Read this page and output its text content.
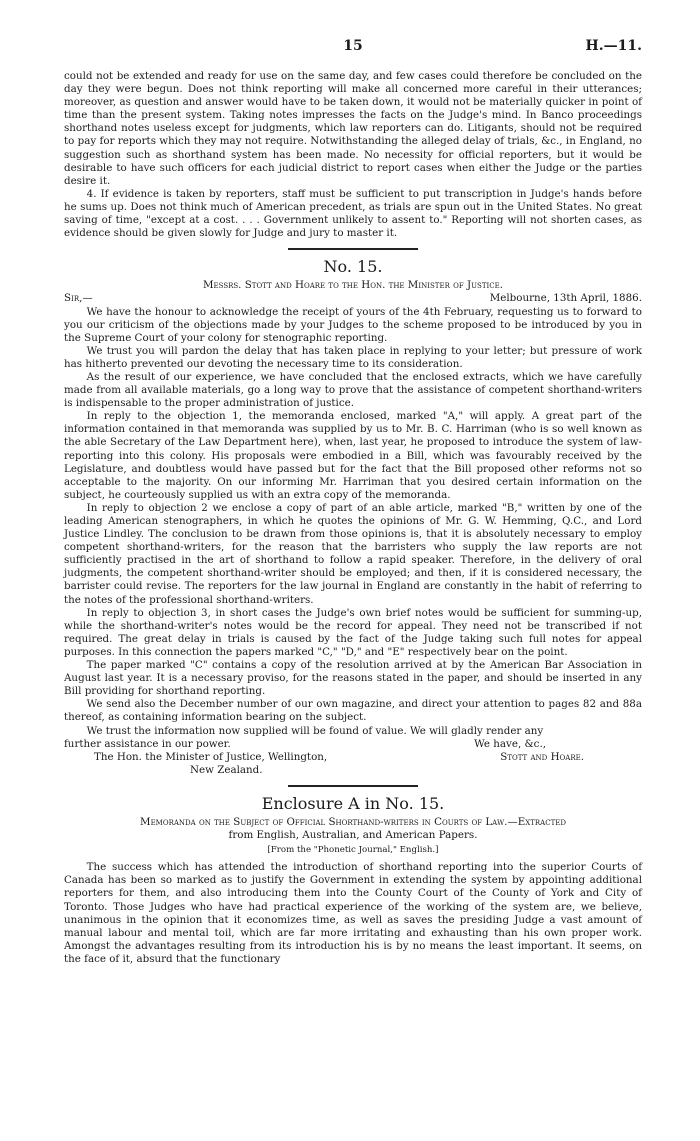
15	H.—11.

could not be extended and ready for use on the same day, and few cases could therefore be concluded on the day they were begun. Does not think reporting will make all concerned more careful in their utterances; moreover, as question and answer would have to be taken down, it would not be materially quicker in point of time than the present system. Taking notes impresses the facts on the Judge's mind. In Banco proceedings shorthand notes useless except for judgments, which law reporters can do. Litigants, should not be required to pay for reports which they may not require. Notwithstanding the alleged delay of trials, &c., in England, no suggestion such as shorthand system has been made. No necessity for official reporters, but it would be desirable to have such officers for each judicial district to report cases when either the Judge or the parties desire it.

4. If evidence is taken by reporters, staff must be sufficient to put transcription in Judge's hands before he sums up. Does not think much of American precedent, as trials are spun out in the United States. No great saving of time, "except at a cost. . . . Government unlikely to assent to." Reporting will not shorten cases, as evidence should be given slowly for Judge and jury to master it.

No. 15.

Messrs. Stott and Hoare to the Hon. the Minister of Justice.

Sir,—	Melbourne, 13th April, 1886.

We have the honour to acknowledge the receipt of yours of the 4th February, requesting us to forward to you our criticism of the objections made by your Judges to the scheme proposed to be introduced by you in the Supreme Court of your colony for stenographic reporting.

We trust you will pardon the delay that has taken place in replying to your letter; but pressure of work has hitherto prevented our devoting the necessary time to its consideration.

As the result of our experience, we have concluded that the enclosed extracts, which we have carefully made from all available materials, go a long way to prove that the assistance of competent shorthand-writers is indispensable to the proper administration of justice.

In reply to the objection 1, the memoranda enclosed, marked "A," will apply. A great part of the information contained in that memoranda was supplied by us to Mr. B. C. Harriman (who is so well known as the able Secretary of the Law Department here), when, last year, he proposed to introduce the system of law-reporting into this colony. His proposals were embodied in a Bill, which was favourably received by the Legislature, and doubtless would have passed but for the fact that the Bill proposed other reforms not so acceptable to the majority. On our informing Mr. Harriman that you desired certain information on the subject, he courteously supplied us with an extra copy of the memoranda.

In reply to objection 2 we enclose a copy of part of an able article, marked "B," written by one of the leading American stenographers, in which he quotes the opinions of Mr. G. W. Hemming, Q.C., and Lord Justice Lindley. The conclusion to be drawn from those opinions is, that it is absolutely necessary to employ competent shorthand-writers, for the reason that the barristers who supply the law reports are not sufficiently practised in the art of shorthand to follow a rapid speaker. Therefore, in the delivery of oral judgments, the competent shorthand-writer should be employed; and then, if it is considered necessary, the barrister could revise. The reporters for the law journal in England are constantly in the habit of referring to the notes of the professional shorthand-writers.

In reply to objection 3, in short cases the Judge's own brief notes would be sufficient for summing-up, while the shorthand-writer's notes would be the record for appeal. They need not be transcribed if not required. The great delay in trials is caused by the fact of the Judge taking such full notes for appeal purposes. In this connection the papers marked "C," "D," and "E" respectively bear on the point.

The paper marked "C" contains a copy of the resolution arrived at by the American Bar Association in August last year. It is a necessary proviso, for the reasons stated in the paper, and should be inserted in any Bill providing for shorthand reporting.

We send also the December number of our own magazine, and direct your attention to pages 82 and 88a thereof, as containing information bearing on the subject.

We trust the information now supplied will be found of value. We will gladly render any

further assistance in our power.	We have, &c.,
The Hon. the Minister of Justice, Wellington,	Stott and Hoare.
New Zealand.
Enclosure A in No. 15.

Memoranda on the Subject of Official Shorthand-writers in Courts of Law.—Extracted

from English, Australian, and American Papers.

[From the "Phonetic Journal," English.]

The success which has attended the introduction of shorthand reporting into the superior Courts of Canada has been so marked as to justify the Government in extending the system by appointing additional reporters for them, and also introducing them into the County Court of the County of York and City of Toronto. Those Judges who have had practical experience of the working of the system are, we believe, unanimous in the opinion that it economizes time, as well as saves the presiding Judge a vast amount of manual labour and mental toil, which are far more irritating and exhausting than his own proper work. Amongst the advantages resulting from its introduction his is by no means the least important. It seems, on the face of it, absurd that the functionary
